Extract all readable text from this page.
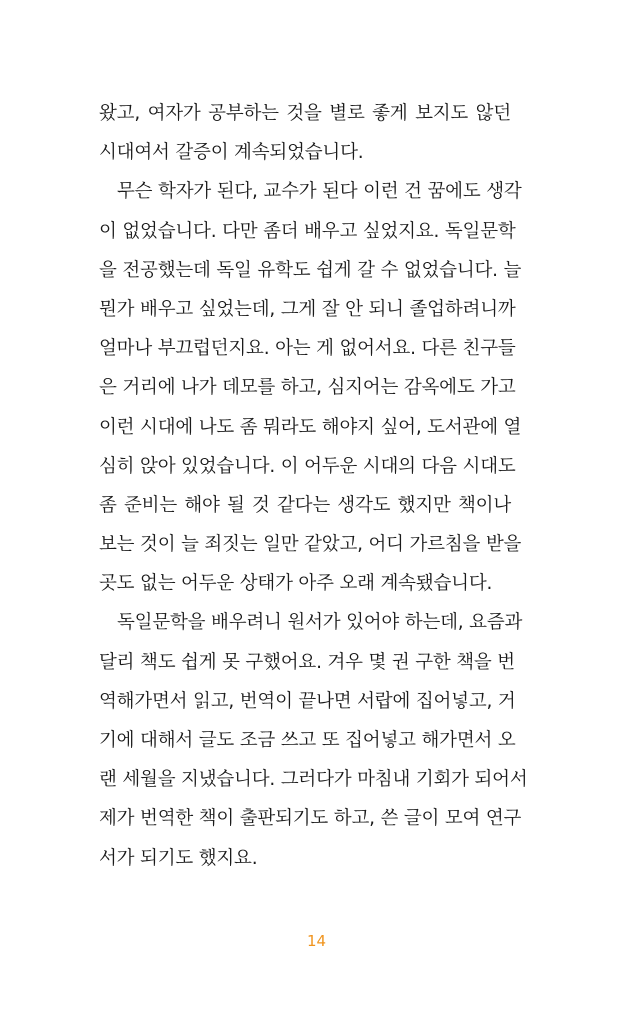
왔고, 여자가 공부하는 것을 별로 좋게 보지도 않던
시대여서 갈증이 계속되었습니다.
무슨 학자가 된다, 교수가 된다 이런 건 꿈에도 생각
이 없었습니다. 다만 좀더 배우고 싶었지요. 독일문학
을 전공했는데 독일 유학도 쉽게 갈 수 없었습니다. 늘
뭔가 배우고 싶었는데, 그게 잘 안 되니 졸업하려니까
얼마나 부끄럽던지요. 아는 게 없어서요. 다른 친구들
은 거리에 나가 데모를 하고, 심지어는 감옥에도 가고
이런 시대에 나도 좀 뭐라도 해야지 싶어, 도서관에 열
심히 앉아 있었습니다. 이 어두운 시대의 다음 시대도
좀 준비는 해야 될 것 같다는 생각도 했지만 책이나
보는 것이 늘 죄짓는 일만 같았고, 어디 가르침을 받을
곳도 없는 어두운 상태가 아주 오래 계속됐습니다.
독일문학을 배우려니 원서가 있어야 하는데, 요즘과
달리 책도 쉽게 못 구했어요. 겨우 몇 권 구한 책을 번
역해가면서 읽고, 번역이 끝나면 서랍에 집어넣고, 거
기에 대해서 글도 조금 쓰고 또 집어넣고 해가면서 오
랜 세월을 지냈습니다. 그러다가 마침내 기회가 되어서
제가 번역한 책이 출판되기도 하고, 쓴 글이 모여 연구
서가 되기도 했지요.
14
